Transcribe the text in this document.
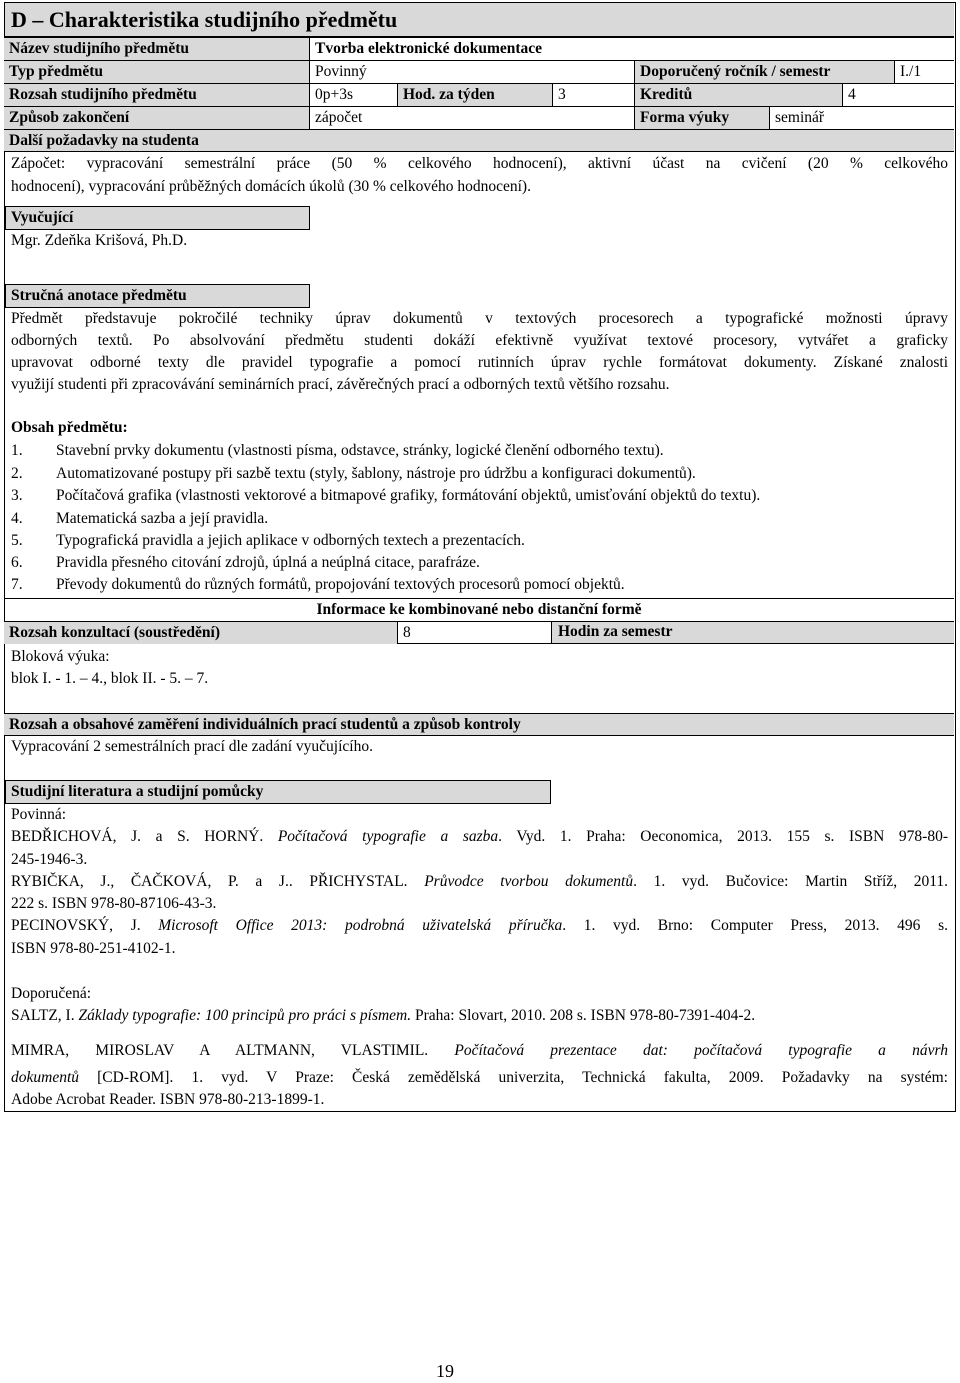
D – Charakteristika studijního předmětu
Název studijního předmětu	Tvorba elektronické dokumentace
Typ předmětu	Povinný	Doporučený ročník / semestr	I./1
Rozsah studijního předmětu	0p+3s	Hod. za týden	3	Kreditů	4
Způsob zakončení	zápočet	Forma výuky	seminář
Další požadavky na studenta
Zápočet: vypracování semestrální práce (50 % celkového hodnocení), aktivní účast na cvičení (20 % celkového
hodnocení), vypracování průběžných domácích úkolů (30 % celkového hodnocení).
Vyučující
Mgr. Zdeňka Krišová, Ph.D.
Stručná anotace předmětu
Předmět představuje pokročilé techniky úprav dokumentů v textových procesorech a typografické možnosti úpravy
odborných textů. Po absolvování předmětu studenti dokáží efektivně využívat textové procesory, vytvářet a graficky
upravovat odborné texty dle pravidel typografie a pomocí rutinních úprav rychle formátovat dokumenty. Získané znalosti
využijí studenti při zpracovávání seminárních prací, závěrečných prací a odborných textů většího rozsahu.
Obsah předmětu:
1. Stavební prvky dokumentu (vlastnosti písma, odstavce, stránky, logické členění odborného textu).
2. Automatizované postupy při sazbě textu (styly, šablony, nástroje pro údržbu a konfiguraci dokumentů).
3. Počítačová grafika (vlastnosti vektorové a bitmapové grafiky, formátování objektů, umisťování objektů do textu).
4. Matematická sazba a její pravidla.
5. Typografická pravidla a jejich aplikace v odborných textech a prezentacích.
6. Pravidla přesného citování zdrojů, úplná a neúplná citace, parafráze.
7. Převody dokumentů do různých formátů, propojování textových procesorů pomocí objektů.
Informace ke kombinované nebo distanční formě
Rozsah konzultací (soustředění)	8	Hodin za semestr
Bloková výuka:
blok I. - 1. – 4., blok II. - 5. – 7.
Rozsah a obsahové zaměření individuálních prací studentů a způsob kontroly
Vypracování 2 semestrálních prací dle zadání vyučujícího.
Studijní literatura a studijní pomůcky
Povinná:
BEDŘICHOVÁ, J. a S. HORNÝ. Počítačová typografie a sazba. Vyd. 1. Praha: Oeconomica, 2013. 155 s. ISBN 978-80-
245-1946-3.
RYBIČKA, J., ČAČKOVÁ, P. a J.. PŘICHYSTAL. Průvodce tvorbou dokumentů. 1. vyd. Bučovice: Martin Stříž, 2011.
222 s. ISBN 978-80-87106-43-3.
PECINOVSKÝ, J. Microsoft Office 2013: podrobná uživatelská příručka. 1. vyd. Brno: Computer Press, 2013. 496 s.
ISBN 978-80-251-4102-1.
Doporučená:
SALTZ, I. Základy typografie: 100 principů pro práci s písmem. Praha: Slovart, 2010. 208 s. ISBN 978-80-7391-404-2.
MIMRA, MIROSLAV A ALTMANN, VLASTIMIL. Počítačová prezentace dat: počítačová typografie a návrh
dokumentů [CD-ROM]. 1. vyd. V Praze: Česká zemědělská univerzita, Technická fakulta, 2009. Požadavky na systém:
Adobe Acrobat Reader. ISBN 978-80-213-1899-1.
19
